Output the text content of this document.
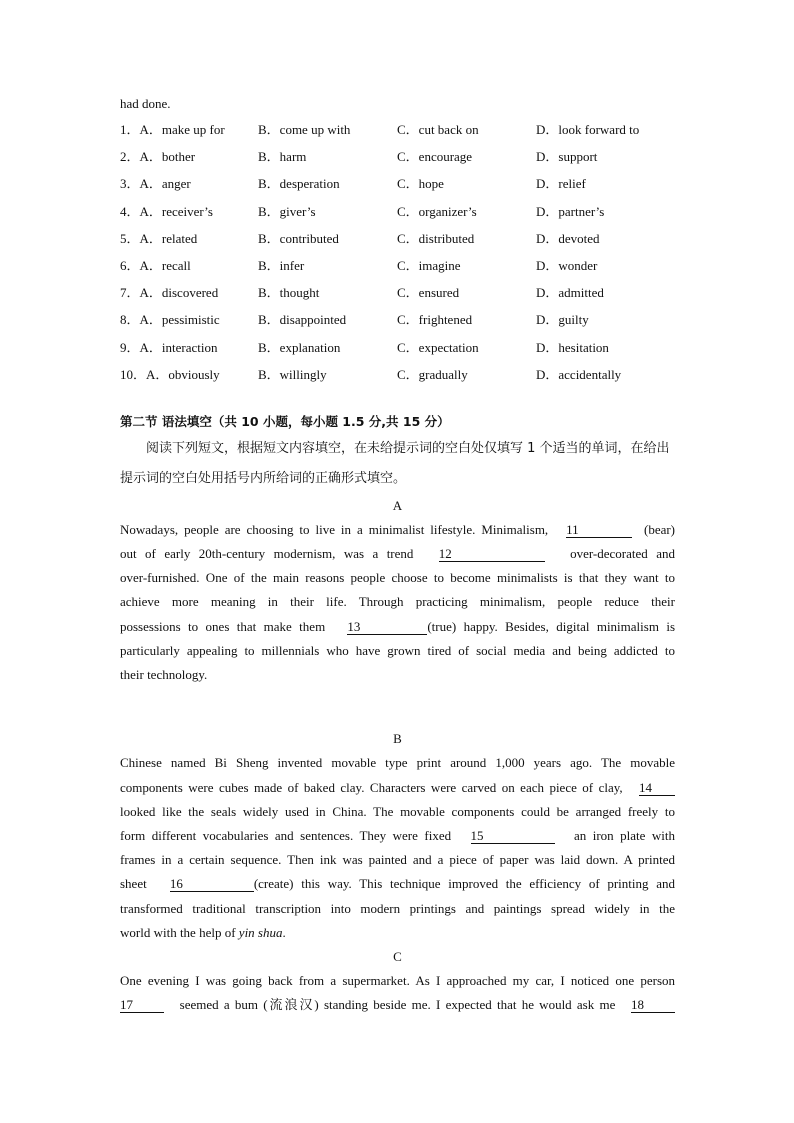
had done.
1．A．make up for	B．come up with	C．cut back on	D．look forward to
2．A．bother	B．harm	C．encourage	D．support
3．A．anger	B．desperation	C．hope	D．relief
4．A．receiver’s	B．giver’s	C．organizer’s	D．partner’s
5．A．related	B．contributed	C．distributed	D．devoted
6．A．recall	B．infer	C．imagine	D．wonder
7．A．discovered	B．thought	C．ensured	D．admitted
8．A．pessimistic	B．disappointed	C．frightened	D．guilty
9．A．interaction	B．explanation	C．expectation	D．hesitation
10．A．obviously	B．willingly	C．gradually	D．accidentally
第二节 语法填空（共 10 小题，每小题 1.5 分,共 15 分）
阅读下列短文，根据短文内容填空，在未给提示词的空白处仅填写 1 个适当的单词，在给出提示词的空白处用括号内所给词的正确形式填空。
A
Nowadays, people are choosing to live in a minimalist lifestyle. Minimalism, 11	(bear)
out of early 20th-century modernism, was a trend 12	over-decorated and
over-furnished. One of the main reasons people choose to become minimalists is that they want to
achieve more meaning in their life. Through practicing minimalism, people reduce their
possessions to ones that make them 13	(true) happy. Besides, digital minimalism is
particularly appealing to millennials who have grown tired of social media and being addicted to
their technology.
B
Chinese named Bi Sheng invented movable type print around 1,000 years ago. The movable
components were cubes made of baked clay. Characters were carved on each piece of clay, 14
looked like the seals widely used in China. The movable components could be arranged freely to
form different vocabularies and sentences. They were fixed 15	an iron plate with
frames in a certain sequence. Then ink was painted and a piece of paper was laid down. A printed
sheet 16	(create) this way. This technique improved the efficiency of printing and
transformed traditional transcription into modern printings and paintings spread widely in the
world with the help of yin shua.
C
One evening I was going back from a supermarket. As I approached my car, I noticed one person
17	seemed a bum (流浪汉) standing beside me. I expected that he would ask me 18
